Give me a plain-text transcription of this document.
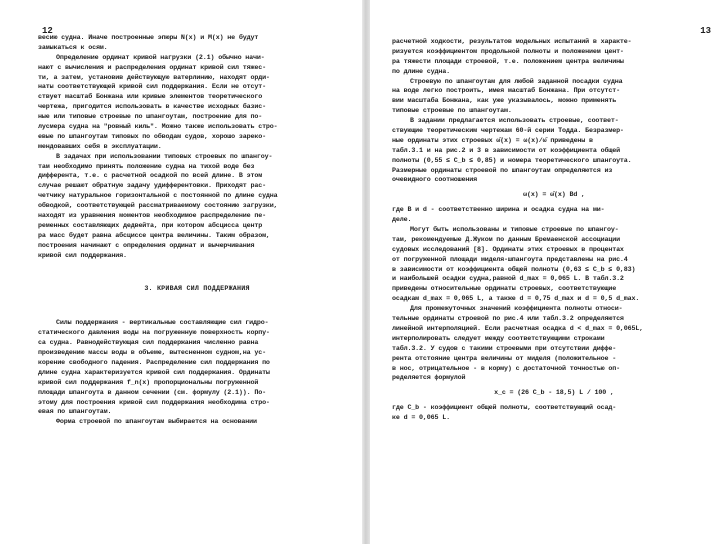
12
весию судна. Иначе построенные эпюры N(x) и M(x) не будут
замыкаться к осям.
Определение ординат кривой нагрузки (2.1) обычно начи-
нают с вычисления и распределения ординат кривой сил тяжес-
ти, а затем, установив действующую ватерлинию, находят орди-
наты соответствующей кривой сил поддержания. Если не отсут-
ствует масштаб Бонжана или кривые элементов теоретического
чертежа, пригодится использовать в качестве исходных базис-
ные или типовые строевые по шпангоутам, построение для по-
лусмера судна на "ровный киль". Можно также использовать стро-
евые по шпангоутам типовых по обводам судов, хорошо зареко-
мендовавших себя в эксплуатации.
В задачах при использовании типовых строевых по шпангоу-
там необходимо принять положение судна на тихой воде без
дифферента, т.е. с расчетной осадкой по всей длине. В этом
случае решают обратную задачу удифферентовки. Приходят рас-
четчику натуральное горизонтальной с постоянной по длине судна
обводкой, соответствующей рассматриваемому состоянию загрузки,
находят из уравнения моментов необходимое распределение пе-
ременных составляющих дедвейта, при котором абсцисса центр
ра масс будет равна абсциссе центра величины. Таким образом,
построения начинают с определения ординат и вычерчивания
кривой сил поддержания.
3. КРИВАЯ СИЛ ПОДДЕРЖАНИЯ
Силы поддержания - вертикальные составляющие сил гидро-
статического давления воды на погруженную поверхность корпу-
са судна. Равнодействующая сил поддержания численно равна
произведению массы воды в объеме, вытесненном судном,на ус-
корение свободного падения. Распределение сил поддержания по
длине судна характеризуется кривой сил поддержания. Ординаты
кривой сил поддержания f_n(x) пропорциональны погруженной
площади шпангоута в данном сечении (см. формулу (2.1)). По-
этому для построения кривой сил поддержания необходима стро-
евая по шпангоутам.
Форма строевой по шпангоутам выбирается на основании
13
расчетной ходкости, результатов модельных испытаний в характе-
ризуется коэффициентом продольной полноты и положением цент-
ра тяжести площади строевой, т.е. положением центра величины
по длине судна.
Строевую по шпангоутам для любой заданной посадки судна
на воде легко построить, имея масштаб Бонжана. При отсутст-
вии масштаба Бонжана, как уже указывалось, можно применять
типовые строевые по шпангоутам.
В задании предлагается использовать строевые, соответ-
ствующие теоретическим чертежам 60-й серии Тодда. Безразмер-
ные ординаты этих строевых ω̄(x) = ω(x)/ω̄ приведены в
табл.3.1 и на рис.2 и 3 в зависимости от коэффициента общей
полноты (0,55 ≤ C_b ≤ 0,85) и номера теоретического шпангоута.
Размерные ординаты строевой по шпангоутам определяются из
очевидного соотношения
ω(x) = ω̄(x) Bd ,
где B и d - соответственно ширина и осадка судна на ми-
деле.
Могут быть использованы и типовые строевые по шпангоу-
там, рекомендуемые Д.Жуком по данным Бремаенской ассоциации
судовых исследований [8]. Ординаты этих строевых в процентах
от погруженной площади миделя-шпангоута представлены на рис.4
в зависимости от коэффициента общей полноты (0,63 ≤ C_b ≤ 0,83)
и наибольшей осадки судна,равной d_max = 0,065 L. В табл.3.2
приведены относительные ординаты строевых, соответствующие
осадкам d_max = 0,065 L, а также d = 0,75 d_max и d = 0,5 d_max.
Для промежуточных значений коэффициента полноты относи-
тельные ординаты строевой по рис.4 или табл.3.2 определяются
линейной интерполяцией. Если расчетная осадка d < d_max = 0,065L,
интерполировать следует между соответствующими строками
табл.3.2. У судов с такими строевыми при отсутствии диффе-
рента отстояние центра величины от миделя (положительное -
в нос, отрицательное - в корму) с достаточной точностью оп-
ределяется формулой
x_c = (26 C_b - 18,5) L / 100 ,
где C_b - коэффициент общей полноты, соответствующий осад-
ке d = 0,065 L.
